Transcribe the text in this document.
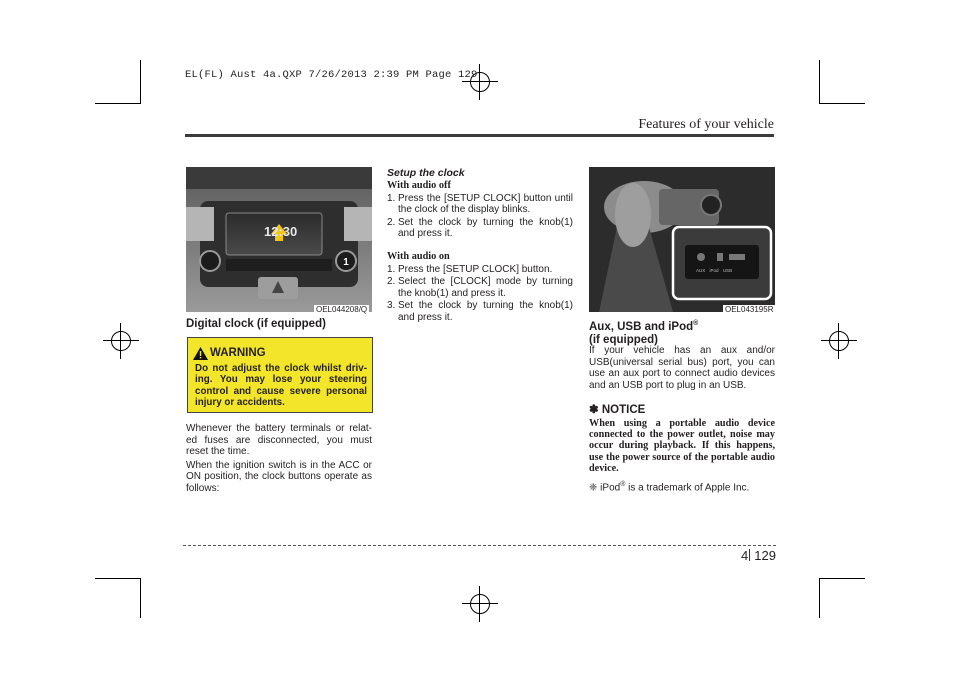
EL(FL) Aust 4a.QXP 7/26/2013 2:39 PM Page 129
Features of your vehicle
1
12:30
OEL044208/Q
AUX iPod USB
OEL043195R
Digital clock (if equipped)
WARNING
Do not adjust the clock whilst driv-ing. You may lose your steering control and cause severe personal injury or accidents.

Whenever the battery terminals or relat-ed fuses are disconnected, you must reset the time.

When the ignition switch is in the ACC or ON position, the clock buttons operate as follows:

Setup the clock
With audio off
1. Press the [SETUP CLOCK] button until the clock of the display blinks.
2. Set the clock by turning the knob(1) and press it.
With audio on
1. Press the [SETUP CLOCK] button.
2. Select the [CLOCK] mode by turning the knob(1) and press it.
3. Set the clock by turning the knob(1) and press it.
Aux, USB and iPod®
(if equipped)
If your vehicle has an aux and/or USB(universal serial bus) port, you can use an aux port to connect audio devices and an USB port to plug in an USB.
✽ NOTICE
When using a portable audio device connected to the power outlet, noise may occur during playback. If this happens, use the power source of the portable audio device.
❈ iPod® is a trademark of Apple Inc.
4 129
